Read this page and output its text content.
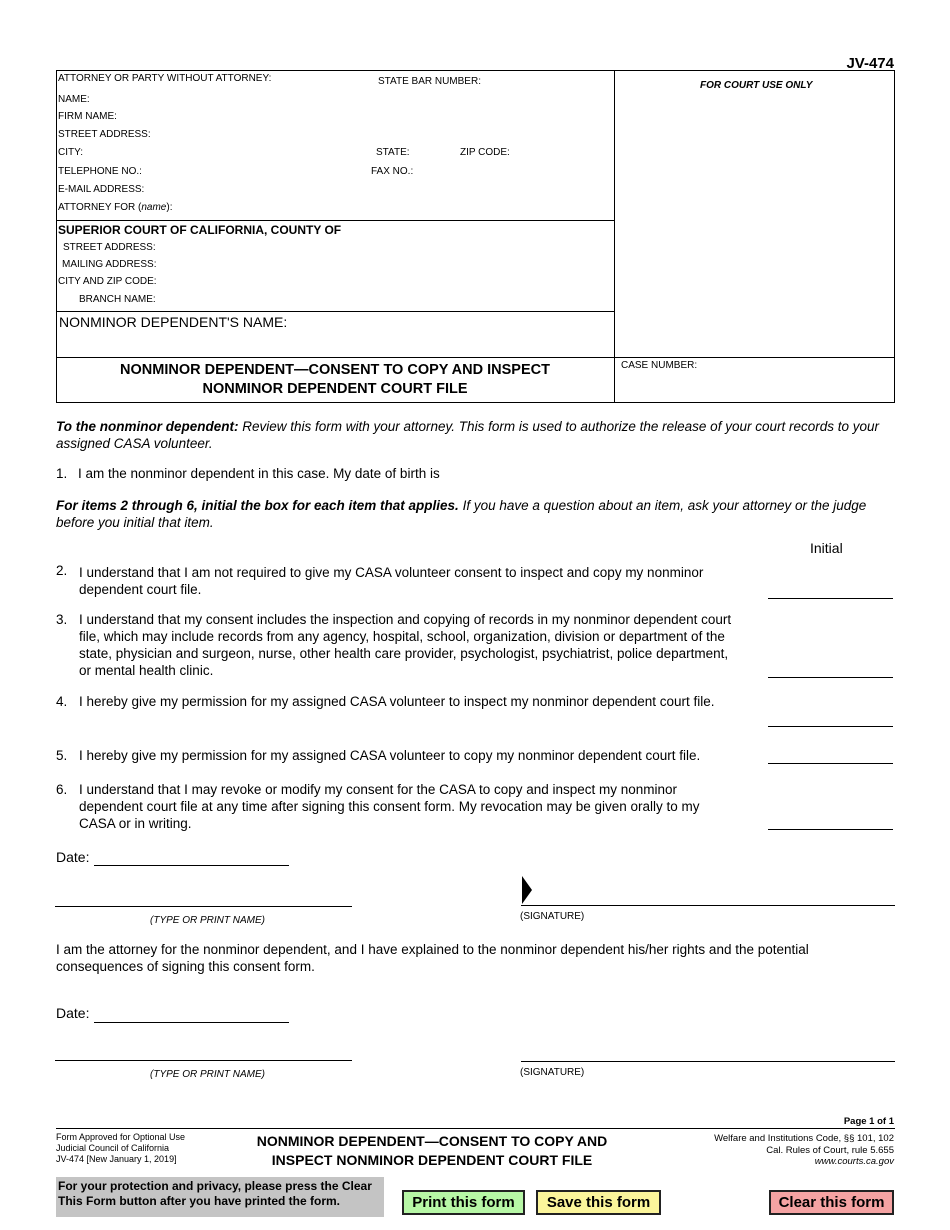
JV-474
ATTORNEY OR PARTY WITHOUT ATTORNEY:	STATE BAR NUMBER:	FOR COURT USE ONLY
NAME:
FIRM NAME:
STREET ADDRESS:
CITY:	STATE:	ZIP CODE:
TELEPHONE NO.:	FAX NO.:
E-MAIL ADDRESS:
ATTORNEY FOR (name):
SUPERIOR COURT OF CALIFORNIA, COUNTY OF
STREET ADDRESS:
MAILING ADDRESS:
CITY AND ZIP CODE:
BRANCH NAME:
NONMINOR DEPENDENT'S NAME:
NONMINOR DEPENDENT—CONSENT TO COPY AND INSPECT
NONMINOR DEPENDENT COURT FILE
CASE NUMBER:
To the nonminor dependent: Review this form with your attorney. This form is used to authorize the release of your court records to your assigned CASA volunteer.
1. I am the nonminor dependent in this case. My date of birth is
For items 2 through 6, initial the box for each item that applies. If you have a question about an item, ask your attorney or the judge before you initial that item.
Initial
2. I understand that I am not required to give my CASA volunteer consent to inspect and copy my nonminor dependent court file.
3. I understand that my consent includes the inspection and copying of records in my nonminor dependent court file, which may include records from any agency, hospital, school, organization, division or department of the state, physician and surgeon, nurse, other health care provider, psychologist, psychiatrist, police department, or mental health clinic.
4. I hereby give my permission for my assigned CASA volunteer to inspect my nonminor dependent court file.
5. I hereby give my permission for my assigned CASA volunteer to copy my nonminor dependent court file.
6. I understand that I may revoke or modify my consent for the CASA to copy and inspect my nonminor dependent court file at any time after signing this consent form. My revocation may be given orally to my CASA or in writing.
Date:
(TYPE OR PRINT NAME)	(SIGNATURE)
I am the attorney for the nonminor dependent, and I have explained to the nonminor dependent his/her rights and the potential consequences of signing this consent form.
Date:
(TYPE OR PRINT NAME)	(SIGNATURE)
Page 1 of 1
Form Approved for Optional Use
Judicial Council of California
JV-474 [New January 1, 2019]
NONMINOR DEPENDENT—CONSENT TO COPY AND
INSPECT NONMINOR DEPENDENT COURT FILE
Welfare and Institutions Code, §§ 101, 102
Cal. Rules of Court, rule 5.655
www.courts.ca.gov
For your protection and privacy, please press the Clear
This Form button after you have printed the form.	Print this form	Save this form	Clear this form
